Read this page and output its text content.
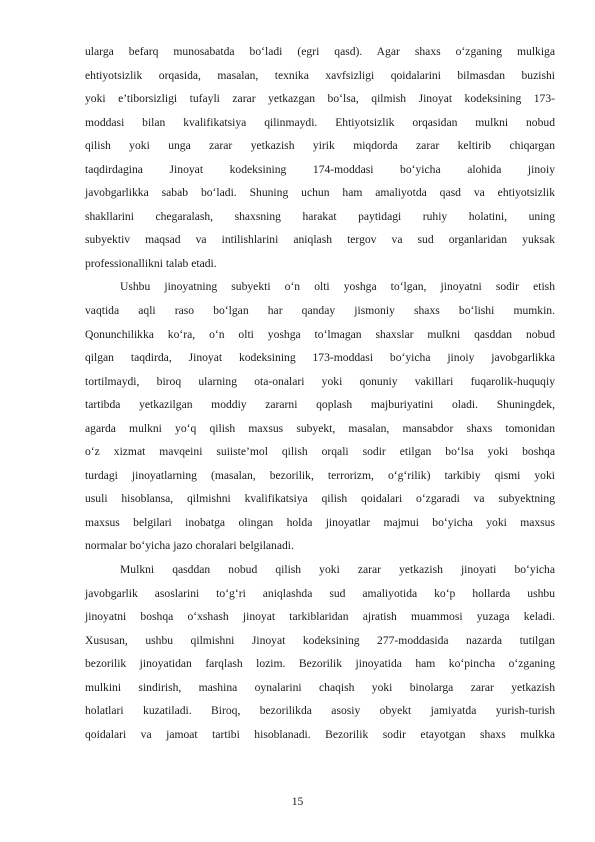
ularga befarq munosabatda bo‘ladi (egri qasd). Agar shaxs o‘zganing mulkiga
ehtiyotsizlik orqasida, masalan, texnika xavfsizligi qoidalarini bilmasdan buzishi
yoki e’tiborsizligi tufayli zarar yetkazgan bo‘lsa, qilmish Jinoyat kodeksining 173-
moddasi bilan kvalifikatsiya qilinmaydi. Ehtiyotsizlik orqasidan mulkni nobud
qilish yoki unga zarar yetkazish yirik miqdorda zarar keltirib chiqargan
taqdirdagina Jinoyat kodeksining 174-moddasi bo‘yicha alohida jinoiy
javobgarlikka sabab bo‘ladi. Shuning uchun ham amaliyotda qasd va ehtiyotsizlik
shakllarini chegaralash, shaxsning harakat paytidagi ruhiy holatini, uning
subyektiv maqsad va intilishlarini aniqlash tergov va sud organlaridan yuksak
professionallikni talab etadi.
Ushbu jinoyatning subyekti o‘n olti yoshga to‘lgan, jinoyatni sodir etish
vaqtida aqli raso bo‘lgan har qanday jismoniy shaxs bo‘lishi mumkin.
Qonunchilikka ko‘ra, o‘n olti yoshga to‘lmagan shaxslar mulkni qasddan nobud
qilgan taqdirda, Jinoyat kodeksining 173-moddasi bo‘yicha jinoiy javobgarlikka
tortilmaydi, biroq ularning ota-onalari yoki qonuniy vakillari fuqarolik-huquqiy
tartibda yetkazilgan moddiy zararni qoplash majburiyatini oladi. Shuningdek,
agarda mulkni yo‘q qilish maxsus subyekt, masalan, mansabdor shaxs tomonidan
o‘z xizmat mavqeini suiiste’mol qilish orqali sodir etilgan bo‘lsa yoki boshqa
turdagi jinoyatlarning (masalan, bezorilik, terrorizm, o‘g‘rilik) tarkibiy qismi yoki
usuli hisoblansa, qilmishni kvalifikatsiya qilish qoidalari o‘zgaradi va subyektning
maxsus belgilari inobatga olingan holda jinoyatlar majmui bo‘yicha yoki maxsus
normalar bo‘yicha jazo choralari belgilanadi.
Mulkni qasddan nobud qilish yoki zarar yetkazish jinoyati bo‘yicha
javobgarlik asoslarini to‘g‘ri aniqlashda sud amaliyotida ko‘p hollarda ushbu
jinoyatni boshqa o‘xshash jinoyat tarkiblaridan ajratish muammosi yuzaga keladi.
Xususan, ushbu qilmishni Jinoyat kodeksining 277-moddasida nazarda tutilgan
bezorilik jinoyatidan farqlash lozim. Bezorilik jinoyatida ham ko‘pincha o‘zganing
mulkini sindirish, mashina oynalarini chaqish yoki binolarga zarar yetkazish
holatlari kuzatiladi. Biroq, bezorilikda asosiy obyekt jamiyatda yurish-turish
qoidalari va jamoat tartibi hisoblanadi. Bezorilik sodir etayotgan shaxs mulkka
15
